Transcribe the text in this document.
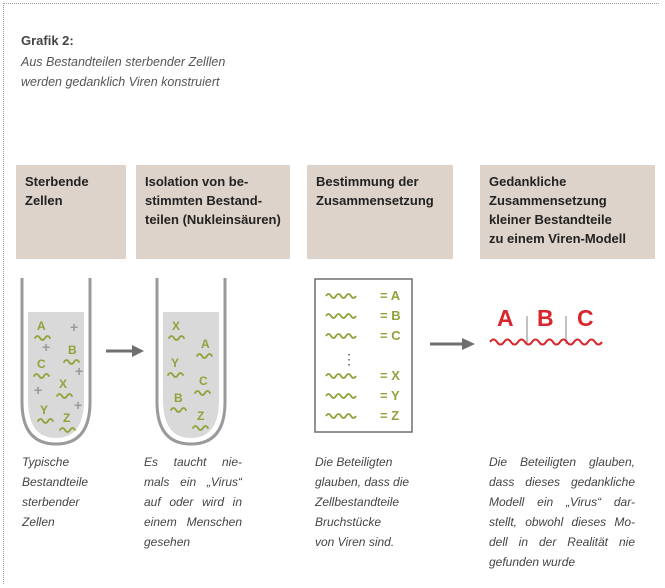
Grafik 2:
Aus Bestandteilen sterbender Zelllen
werden gedanklich Viren konstruiert
Sterbende
Zellen
Isolation von be-
stimmten Bestand-
teilen (Nukleinsäuren)
Bestimmung der
Zusammensetzung
Gedankliche
Zusammensetzung
kleiner Bestandteile
zu einem Viren-Modell
A
B
C
X
Y
Z
+
+
+
+
+
X
A
Y
C
B
Z
= A
= B
= C
⋮
= X
= Y
= Z
A B C
Typische
Bestandteile
sterbender
Zellen
Es taucht nie-
mals ein „Virus“
auf oder wird in
einem Menschen
gesehen
Die Beteiligten
glauben, dass die
Zellbestandteile
Bruchstücke
von Viren sind.
Die Beteiligten glauben,
dass dieses gedankliche
Modell ein „Virus“ dar-
stellt, obwohl dieses Mo-
dell in der Realität nie
gefunden wurde
